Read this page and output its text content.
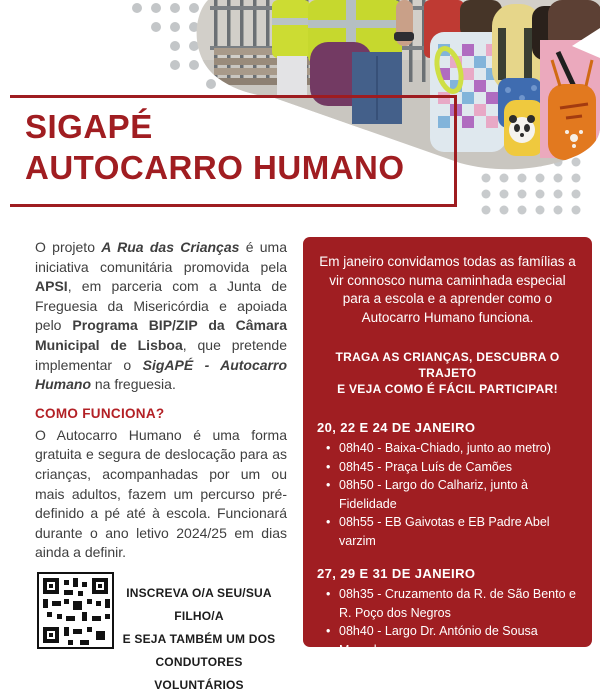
SIGAPÉ
AUTOCARRO HUMANO

O projeto A Rua das Crianças é uma iniciativa comunitária promovida pela APSI, em parceria com a Junta de Freguesia da Misericórdia e apoiada pelo Programa BIP/ZIP da Câmara Municipal de Lisboa, que pretende implementar o SigAPÉ - Autocarro Humano na freguesia.

COMO FUNCIONA?

O Autocarro Humano é uma forma gratuita e segura de deslocação para as crianças, acompanhadas por um ou mais adultos, fazem um percurso pré-definido a pé até à escola. Funcionará durante o ano letivo 2024/25 em dias ainda a definir.

INSCREVA O/A SEU/SUA FILHO/A
E SEJA TAMBÉM UM DOS
CONDUTORES VOLUNTÁRIOS

Em janeiro convidamos todas as famílias a vir connosco numa caminhada especial para a escola e a aprender como o Autocarro Humano funciona.

TRAGA AS CRIANÇAS, DESCUBRA O TRAJETO
E VEJA COMO É FÁCIL PARTICIPAR!
20, 22 E 24 DE JANEIRO
• 08h40 - Baixa-Chiado, junto ao metro)
• 08h45 - Praça Luís de Camões
• 08h50 - Largo do Calhariz, junto à Fidelidade
• 08h55 - EB Gaivotas e EB Padre Abel varzim
27, 29 E 31 DE JANEIRO
• 08h35 - Cruzamento da R. de São Bento e R. Poço dos Negros
• 08h40 - Largo Dr. António de Sousa Macedo
